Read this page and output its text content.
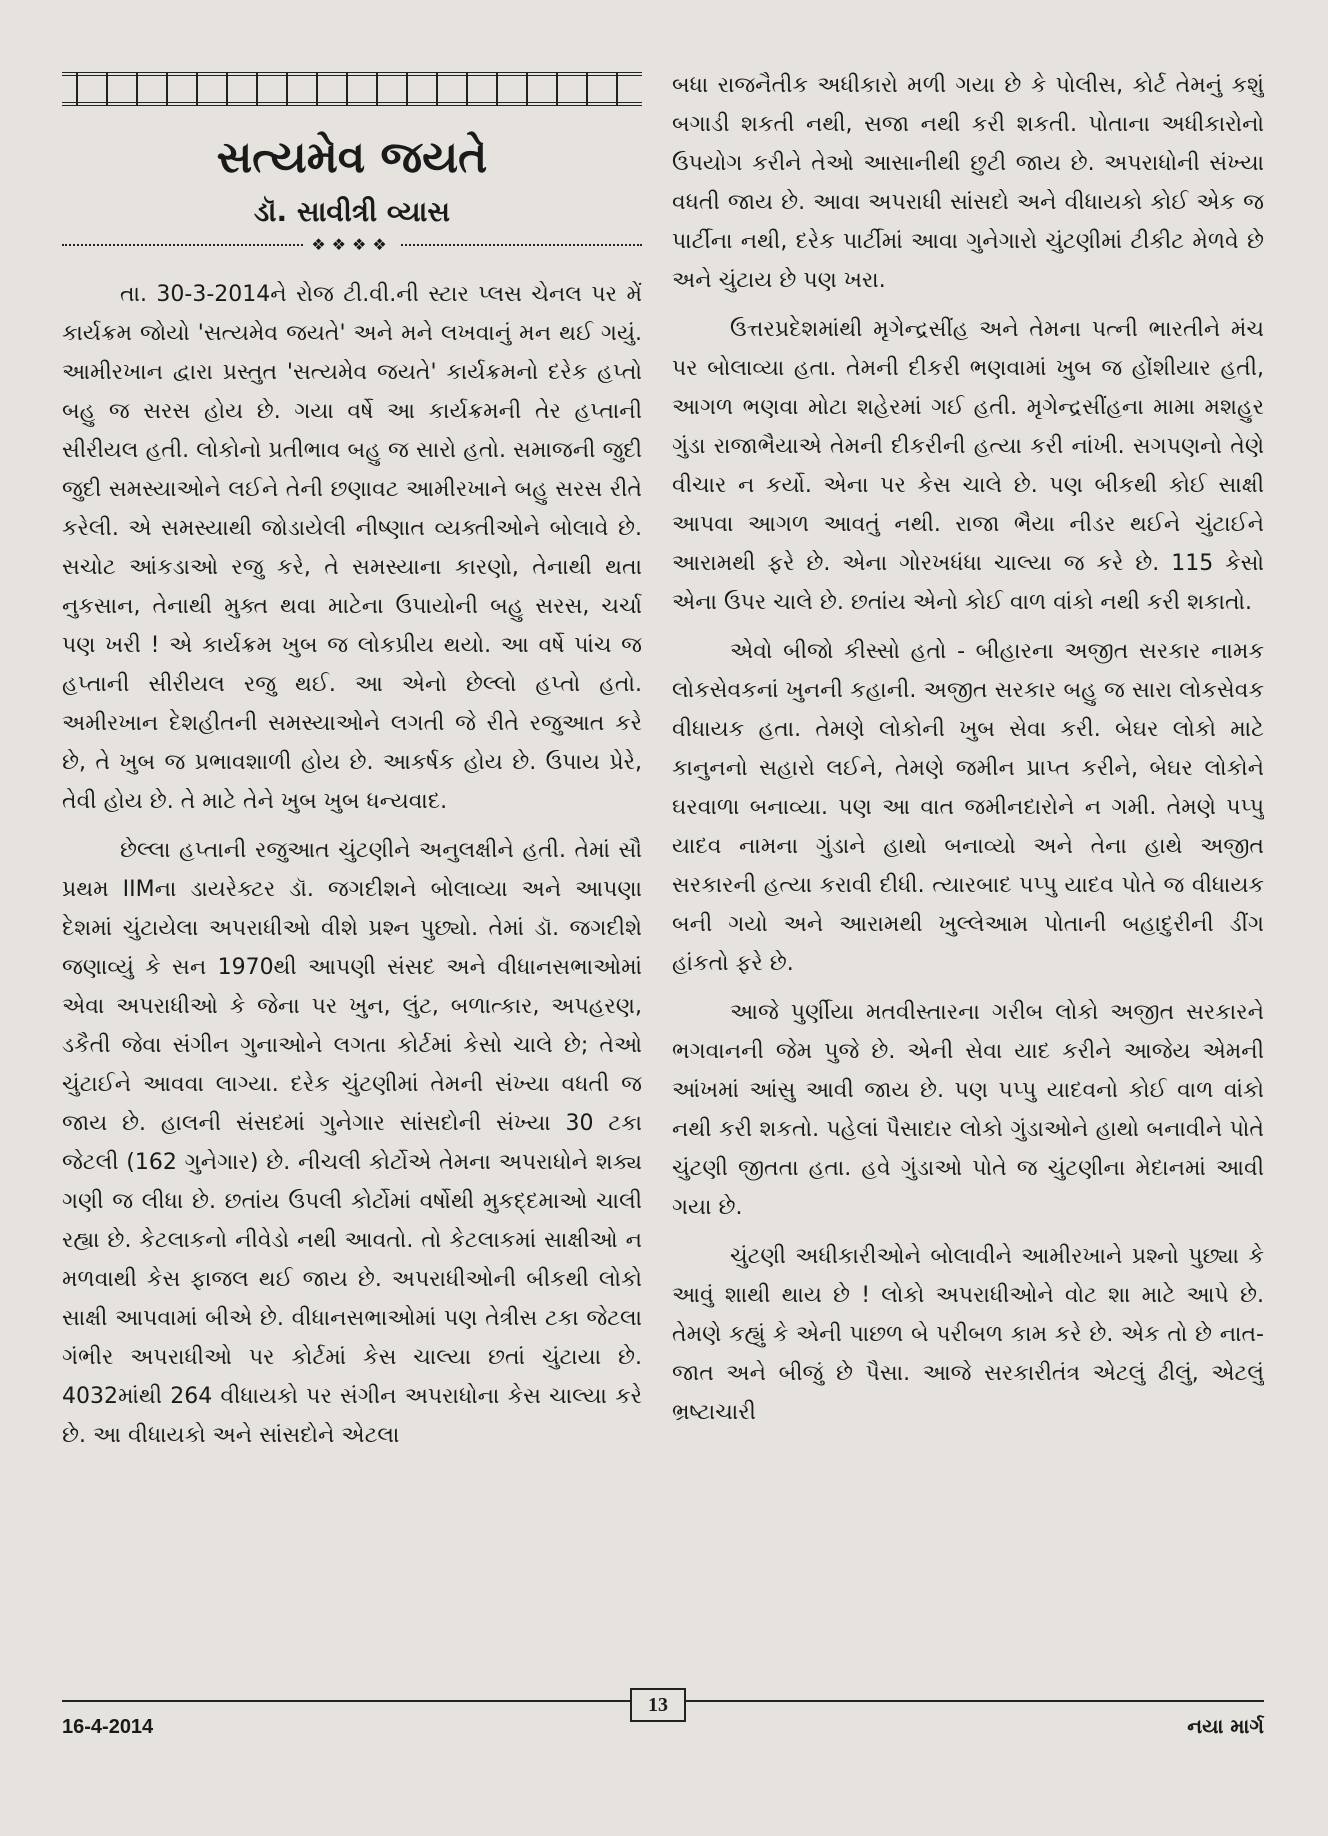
સત્યમેવ જયતે
ડૉ. સાવીત્રી વ્યાસ
❖❖❖❖

તા. 30-3-2014ને રોજ ટી.વી.ની સ્ટાર પ્લસ ચેનલ પર મેં કાર્યક્રમ જોયો 'સત્યમેવ જયતે' અને મને લખવાનું મન થઈ ગયું. આમીરખાન દ્વારા પ્રસ્તુત 'સત્યમેવ જયતે' કાર્યક્રમનો દરેક હપ્તો બહુ જ સરસ હોય છે. ગયા વર્ષે આ કાર્યક્રમની તેર હપ્તાની સીરીયલ હતી. લોકોનો પ્રતીભાવ બહુ જ સારો હતો. સમાજની જુદી જુદી સમસ્યાઓને લઈને તેની છણાવટ આમીરખાને બહુ સરસ રીતે કરેલી. એ સમસ્યાથી જોડાયેલી નીષ્ણાત વ્યક્તીઓને બોલાવે છે. સચોટ આંકડાઓ રજુ કરે, તે સમસ્યાના કારણો, તેનાથી થતા નુકસાન, તેનાથી મુક્ત થવા માટેના ઉપાયોની બહુ સરસ, ચર્ચા પણ ખરી ! એ કાર્યક્રમ ખુબ જ લોકપ્રીય થયો. આ વર્ષે પાંચ જ હપ્તાની સીરીયલ રજુ થઈ. આ એનો છેલ્લો હપ્તો હતો. અમીરખાન દેશહીતની સમસ્યાઓને લગતી જે રીતે રજુઆત કરે છે, તે ખુબ જ પ્રભાવશાળી હોય છે. આકર્ષક હોય છે. ઉપાય પ્રેરે, તેવી હોય છે. તે માટે તેને ખુબ ખુબ ધન્યવાદ.

છેલ્લા હપ્તાની રજુઆત ચુંટણીને અનુલક્ષીને હતી. તેમાં સૌ પ્રથમ IIMના ડાયરેક્ટર ડૉ. જગદીશને બોલાવ્યા અને આપણા દેશમાં ચુંટાયેલા અપરાધીઓ વીશે પ્રશ્ન પુછ્યો. તેમાં ડૉ. જગદીશે જણાવ્યું કે સન 1970થી આપણી સંસદ અને વીધાનસભાઓમાં એવા અપરાધીઓ કે જેના પર ખુન, લુંટ, બળાત્કાર, અપહરણ, ડકૈતી જેવા સંગીન ગુનાઓને લગતા કોર્ટમાં કેસો ચાલે છે; તેઓ ચુંટાઈને આવવા લાગ્યા. દરેક ચુંટણીમાં તેમની સંખ્યા વધતી જ જાય છે. હાલની સંસદમાં ગુનેગાર સાંસદોની સંખ્યા 30 ટકા જેટલી (162 ગુનેગાર) છે. નીચલી કોર્ટોએ તેમના અપરાધોને શક્ય ગણી જ લીધા છે. છતાંય ઉપલી કોર્ટોમાં વર્ષોથી મુકદ્દમાઓ ચાલી રહ્યા છે. કેટલાકનો નીવેડો નથી આવતો. તો કેટલાકમાં સાક્ષીઓ ન મળવાથી કેસ ફાજલ થઈ જાય છે. અપરાધીઓની બીકથી લોકો સાક્ષી આપવામાં બીએ છે. વીધાનસભાઓમાં પણ તેત્રીસ ટકા જેટલા ગંભીર અપરાધીઓ પર કોર્ટમાં કેસ ચાલ્યા છતાં ચુંટાયા છે. 4032માંથી 264 વીધાયકો પર સંગીન અપરાધોના કેસ ચાલ્યા કરે છે. આ વીધાયકો અને સાંસદોને એટલા

બધા રાજનૈતીક અધીકારો મળી ગયા છે કે પોલીસ, કોર્ટ તેમનું કશું બગાડી શકતી નથી, સજા નથી કરી શકતી. પોતાના અધીકારોનો ઉપયોગ કરીને તેઓ આસાનીથી છુટી જાય છે. અપરાધોની સંખ્યા વધતી જાય છે. આવા અપરાધી સાંસદો અને વીધાયકો કોઈ એક જ પાર્ટીના નથી, દરેક પાર્ટીમાં આવા ગુનેગારો ચુંટણીમાં ટીકીટ મેળવે છે અને ચુંટાય છે પણ ખરા.

ઉત્તરપ્રદેશમાંથી મૃગેન્દ્રસીંહ અને તેમના પત્ની ભારતીને મંચ પર બોલાવ્યા હતા. તેમની દીકરી ભણવામાં ખુબ જ હોંશીયાર હતી, આગળ ભણવા મોટા શહેરમાં ગઈ હતી. મૃગેન્દ્રસીંહના મામા મશહુર ગુંડા રાજાભૈયાએ તેમની દીકરીની હત્યા કરી નાંખી. સગપણનો તેણે વીચાર ન કર્યો. એના પર કેસ ચાલે છે. પણ બીકથી કોઈ સાક્ષી આપવા આગળ આવતું નથી. રાજા ભૈયા નીડર થઈને ચુંટાઈને આરામથી ફરે છે. એના ગોરખધંધા ચાલ્યા જ કરે છે. 115 કેસો એના ઉપર ચાલે છે. છતાંય એનો કોઈ વાળ વાંકો નથી કરી શકાતો.

એવો બીજો કીસ્સો હતો - બીહારના અજીત સરકાર નામક લોકસેવકનાં ખુનની કહાની. અજીત સરકાર બહુ જ સારા લોકસેવક વીધાયક હતા. તેમણે લોકોની ખુબ સેવા કરી. બેઘર લોકો માટે કાનુનનો સહારો લઈને, તેમણે જમીન પ્રાપ્ત કરીને, બેઘર લોકોને ઘરવાળા બનાવ્યા. પણ આ વાત જમીનદારોને ન ગમી. તેમણે પપ્પુ યાદવ નામના ગુંડાને હાથો બનાવ્યો અને તેના હાથે અજીત સરકારની હત્યા કરાવી દીધી. ત્યારબાદ પપ્પુ યાદવ પોતે જ વીધાયક બની ગયો અને આરામથી ખુલ્લેઆમ પોતાની બહાદુરીની ડીંગ હાંકતો ફરે છે.

આજે પુર્ણીયા મતવીસ્તારના ગરીબ લોકો અજીત સરકારને ભગવાનની જેમ પુજે છે. એની સેવા યાદ કરીને આજેય એમની આંખમાં આંસુ આવી જાય છે. પણ પપ્પુ યાદવનો કોઈ વાળ વાંકો નથી કરી શકતો. પહેલાં પૈસાદાર લોકો ગુંડાઓને હાથો બનાવીને પોતે ચુંટણી જીતતા હતા. હવે ગુંડાઓ પોતે જ ચુંટણીના મેદાનમાં આવી ગયા છે.

ચુંટણી અધીકારીઓને બોલાવીને આમીરખાને પ્રશ્નો પુછ્યા કે આવું શાથી થાય છે ! લોકો અપરાધીઓને વોટ શા માટે આપે છે. તેમણે કહ્યું કે એની પાછળ બે પરીબળ કામ કરે છે. એક તો છે નાત-જાત અને બીજું છે પૈસા. આજે સરકારીતંત્ર એટલું ઢીલું, એટલું ભ્રષ્ટાચારી

16-4-2014
13
નયા માર્ગ
